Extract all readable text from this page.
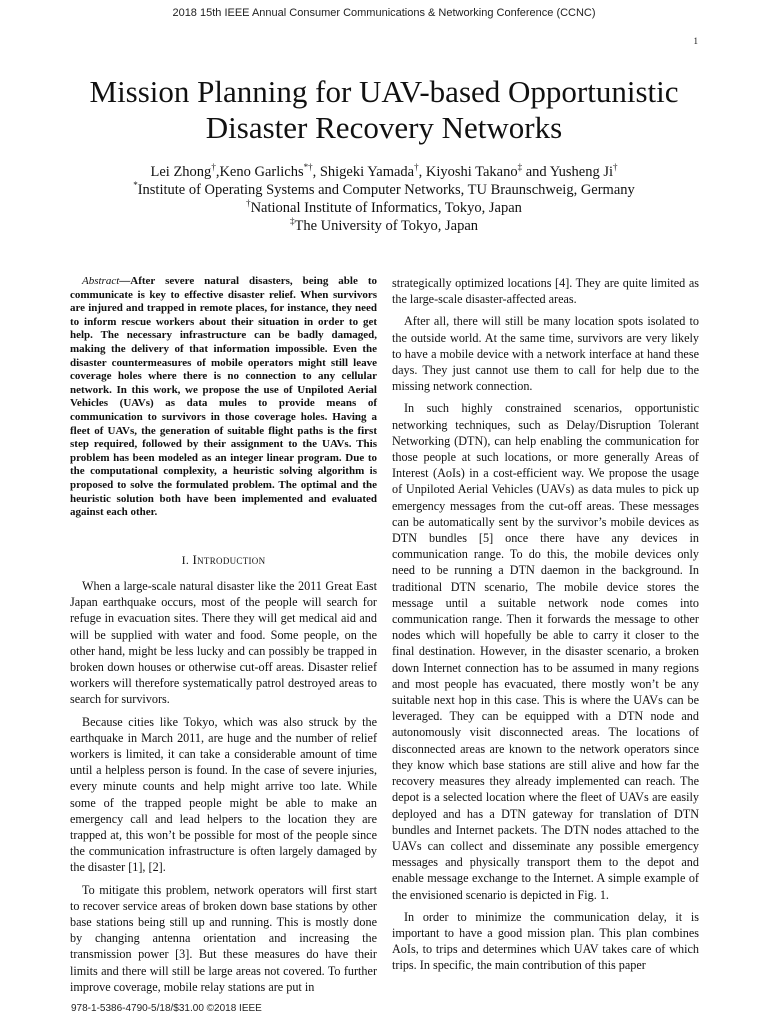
2018 15th IEEE Annual Consumer Communications & Networking Conference (CCNC)
1
Mission Planning for UAV-based Opportunistic
Disaster Recovery Networks
Lei Zhong†,Keno Garlichs*†, Shigeki Yamada†, Kiyoshi Takano‡ and Yusheng Ji†
*Institute of Operating Systems and Computer Networks, TU Braunschweig, Germany
†National Institute of Informatics, Tokyo, Japan
‡The University of Tokyo, Japan

Abstract—After severe natural disasters, being able to communicate is key to effective disaster relief. When survivors are injured and trapped in remote places, for instance, they need to inform rescue workers about their situation in order to get help. The necessary infrastructure can be badly damaged, making the delivery of that information impossible. Even the disaster countermeasures of mobile operators might still leave coverage holes where there is no connection to any cellular network. In this work, we propose the use of Unpiloted Aerial Vehicles (UAVs) as data mules to provide means of communication to survivors in those coverage holes. Having a fleet of UAVs, the generation of suitable flight paths is the first step required, followed by their assignment to the UAVs. This problem has been modeled as an integer linear program. Due to the computational complexity, a heuristic solving algorithm is proposed to solve the formulated problem. The optimal and the heuristic solution both have been implemented and evaluated against each other.

I. Introduction

When a large-scale natural disaster like the 2011 Great East Japan earthquake occurs, most of the people will search for refuge in evacuation sites. There they will get medical aid and will be supplied with water and food. Some people, on the other hand, might be less lucky and can possibly be trapped in broken down houses or otherwise cut-off areas. Disaster relief workers will therefore systematically patrol destroyed areas to search for survivors.

Because cities like Tokyo, which was also struck by the earthquake in March 2011, are huge and the number of relief workers is limited, it can take a considerable amount of time until a helpless person is found. In the case of severe injuries, every minute counts and help might arrive too late. While some of the trapped people might be able to make an emergency call and lead helpers to the location they are trapped at, this won’t be possible for most of the people since the communication infrastructure is often largely damaged by the disaster [1], [2].

To mitigate this problem, network operators will first start to recover service areas of broken down base stations by other base stations being still up and running. This is mostly done by changing antenna orientation and increasing the transmission power [3]. But these measures do have their limits and there will still be large areas not covered. To further improve coverage, mobile relay stations are put in

strategically optimized locations [4]. They are quite limited as the large-scale disaster-affected areas.

After all, there will still be many location spots isolated to the outside world. At the same time, survivors are very likely to have a mobile device with a network interface at hand these days. They just cannot use them to call for help due to the missing network connection.

In such highly constrained scenarios, opportunistic networking techniques, such as Delay/Disruption Tolerant Networking (DTN), can help enabling the communication for those people at such locations, or more generally Areas of Interest (AoIs) in a cost-efficient way. We propose the usage of Unpiloted Aerial Vehicles (UAVs) as data mules to pick up emergency messages from the cut-off areas. These messages can be automatically sent by the survivor’s mobile devices as DTN bundles [5] once there have any devices in communication range. To do this, the mobile devices only need to be running a DTN daemon in the background. In traditional DTN scenario, The mobile device stores the message until a suitable network node comes into communication range. Then it forwards the message to other nodes which will hopefully be able to carry it closer to the final destination. However, in the disaster scenario, a broken down Internet connection has to be assumed in many regions and most people has evacuated, there mostly won’t be any suitable next hop in this case. This is where the UAVs can be leveraged. They can be equipped with a DTN node and autonomously visit disconnected areas. The locations of disconnected areas are known to the network operators since they know which base stations are still alive and how far the recovery measures they already implemented can reach. The depot is a selected location where the fleet of UAVs are easily deployed and has a DTN gateway for translation of DTN bundles and Internet packets. The DTN nodes attached to the UAVs can collect and disseminate any possible emergency messages and physically transport them to the depot and enable message exchange to the Internet. A simple example of the envisioned scenario is depicted in Fig. 1.

In order to minimize the communication delay, it is important to have a good mission plan. This plan combines AoIs, to trips and determines which UAV takes care of which trips. In specific, the main contribution of this paper

978-1-5386-4790-5/18/$31.00 ©2018 IEEE
